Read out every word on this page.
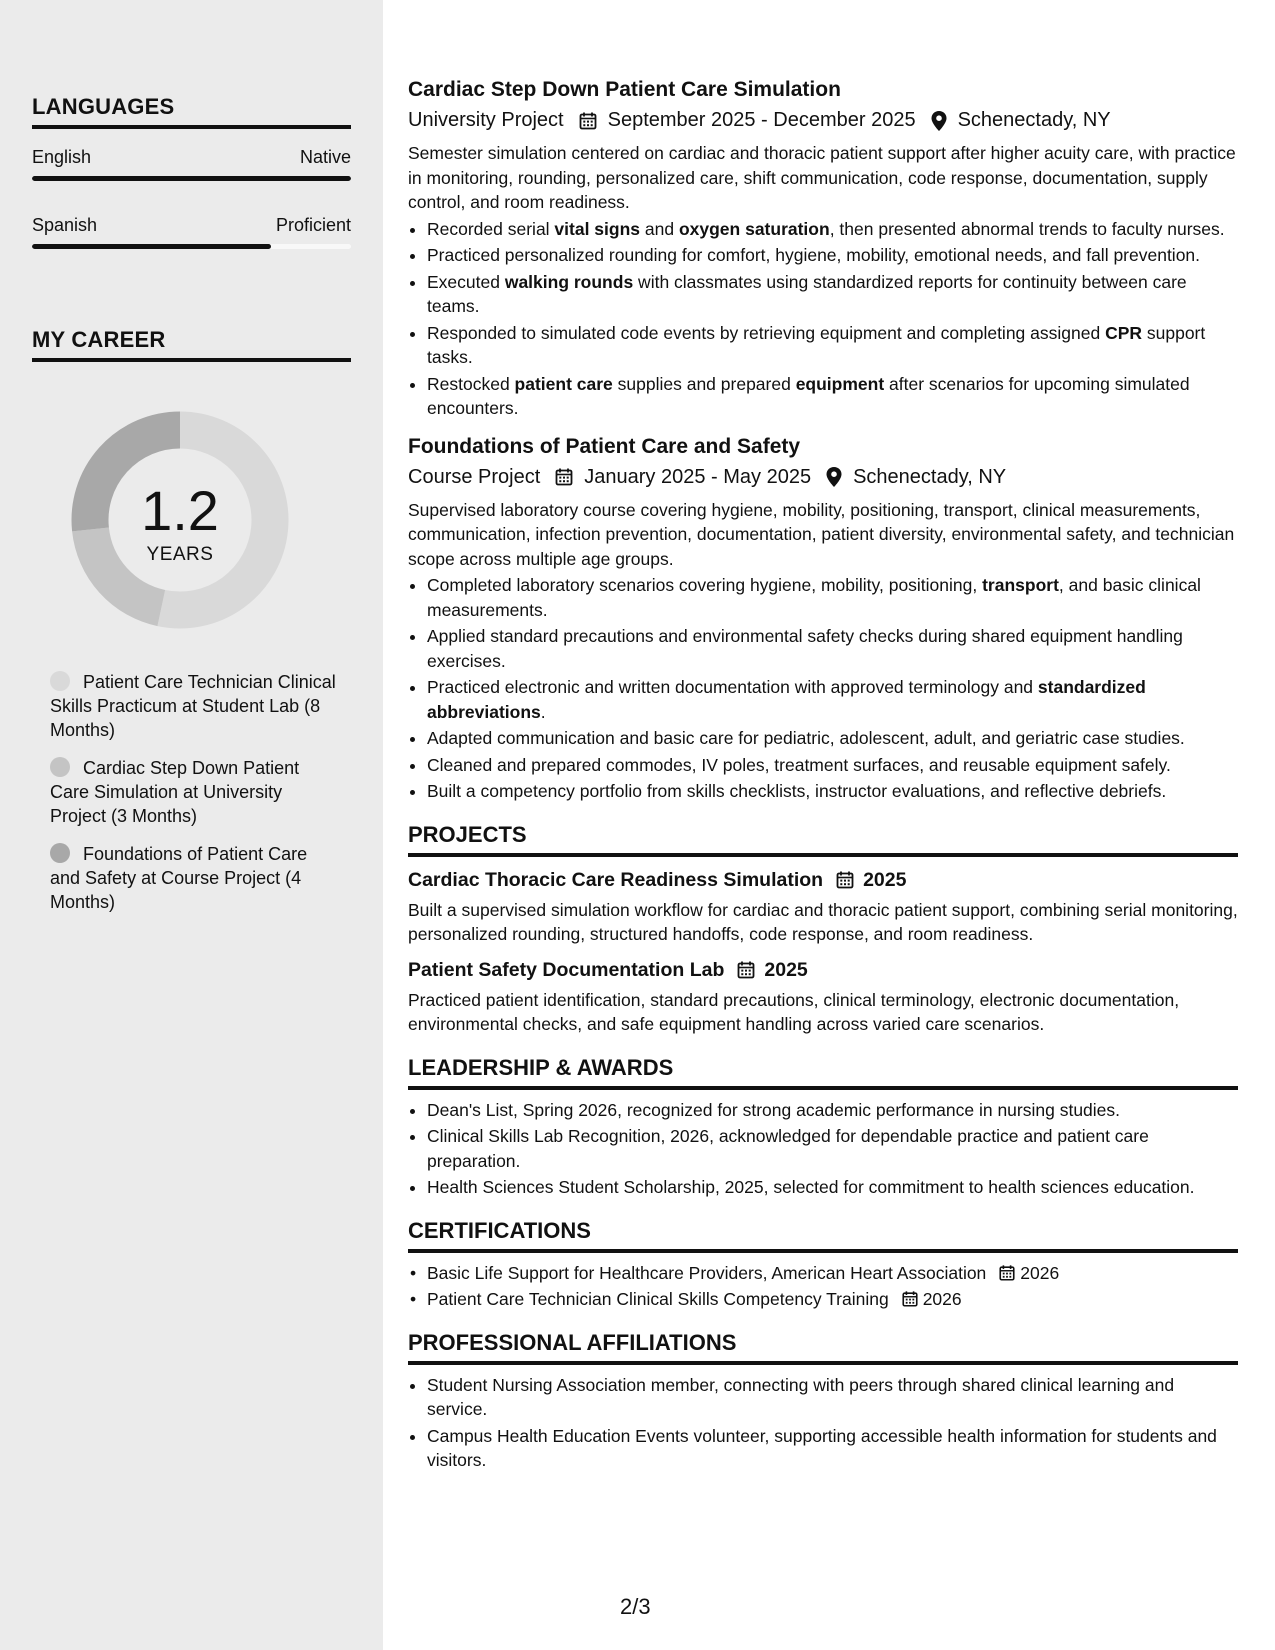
LANGUAGES
English	Native
Spanish	Proficient
MY CAREER
1.2
YEARS
Patient Care Technician Clinical Skills Practicum at Student Lab (8 Months)
Cardiac Step Down Patient Care Simulation at University Project (3 Months)
Foundations of Patient Care and Safety at Course Project (4 Months)
Cardiac Step Down Patient Care Simulation
University Project September 2025 - December 2025 Schenectady, NY
Semester simulation centered on cardiac and thoracic patient support after higher acuity care, with practice in monitoring, rounding, personalized care, shift communication, code response, documentation, supply control, and room readiness.
• Recorded serial vital signs and oxygen saturation, then presented abnormal trends to faculty nurses.
• Practiced personalized rounding for comfort, hygiene, mobility, emotional needs, and fall prevention.
• Executed walking rounds with classmates using standardized reports for continuity between care teams.
• Responded to simulated code events by retrieving equipment and completing assigned CPR support tasks.
• Restocked patient care supplies and prepared equipment after scenarios for upcoming simulated encounters.
Foundations of Patient Care and Safety
Course Project January 2025 - May 2025 Schenectady, NY
Supervised laboratory course covering hygiene, mobility, positioning, transport, clinical measurements, communication, infection prevention, documentation, patient diversity, environmental safety, and technician scope across multiple age groups.
• Completed laboratory scenarios covering hygiene, mobility, positioning, transport, and basic clinical measurements.
• Applied standard precautions and environmental safety checks during shared equipment handling exercises.
• Practiced electronic and written documentation with approved terminology and standardized abbreviations.
• Adapted communication and basic care for pediatric, adolescent, adult, and geriatric case studies.
• Cleaned and prepared commodes, IV poles, treatment surfaces, and reusable equipment safely.
• Built a competency portfolio from skills checklists, instructor evaluations, and reflective debriefs.
PROJECTS
Cardiac Thoracic Care Readiness Simulation 2025
Built a supervised simulation workflow for cardiac and thoracic patient support, combining serial monitoring, personalized rounding, structured handoffs, code response, and room readiness.
Patient Safety Documentation Lab 2025
Practiced patient identification, standard precautions, clinical terminology, electronic documentation, environmental checks, and safe equipment handling across varied care scenarios.
LEADERSHIP & AWARDS
• Dean's List, Spring 2026, recognized for strong academic performance in nursing studies.
• Clinical Skills Lab Recognition, 2026, acknowledged for dependable practice and patient care preparation.
• Health Sciences Student Scholarship, 2025, selected for commitment to health sciences education.
CERTIFICATIONS
• Basic Life Support for Healthcare Providers, American Heart Association 2026
• Patient Care Technician Clinical Skills Competency Training 2026
PROFESSIONAL AFFILIATIONS
• Student Nursing Association member, connecting with peers through shared clinical learning and service.
• Campus Health Education Events volunteer, supporting accessible health information for students and visitors.
2/3
